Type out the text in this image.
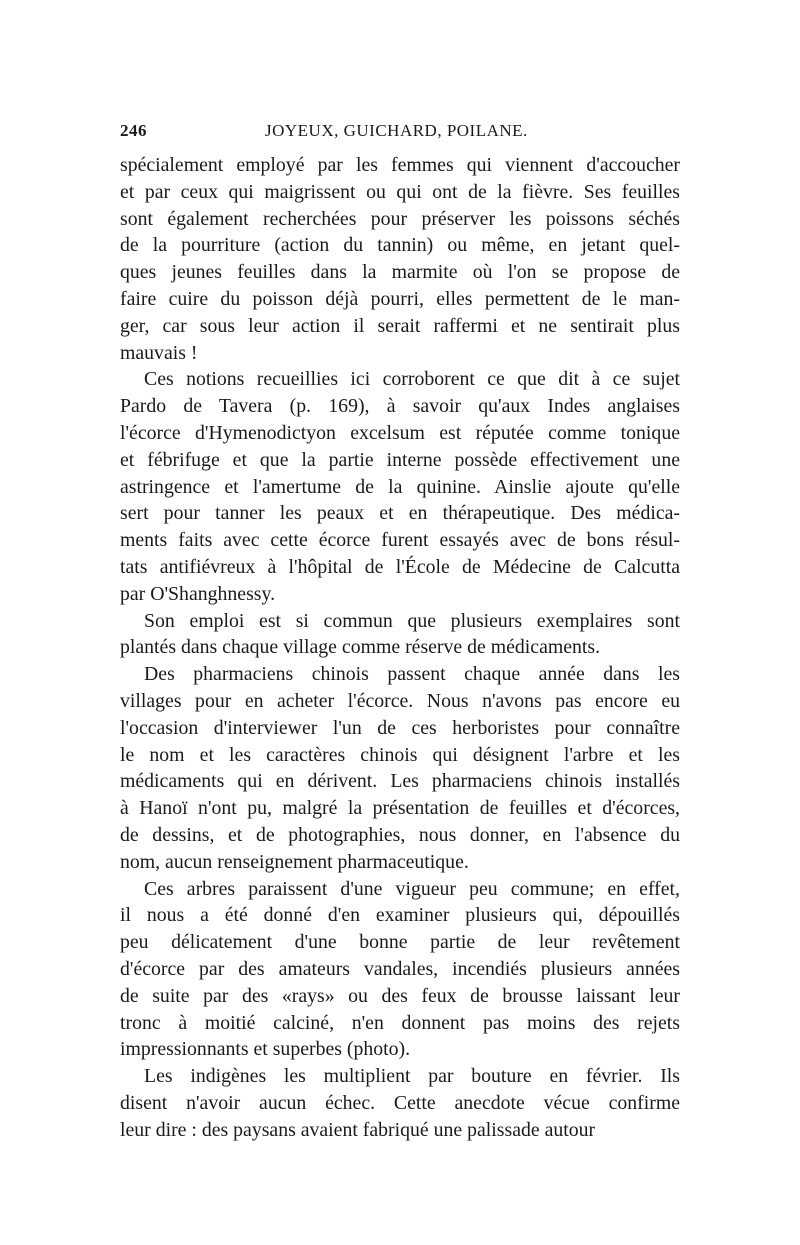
246	JOYEUX, GUICHARD, POILANE.

spécialement employé par les femmes qui viennent d'accoucher
et par ceux qui maigrissent ou qui ont de la fièvre. Ses feuilles
sont également recherchées pour préserver les poissons séchés
de la pourriture (action du tannin) ou même, en jetant quel-
ques jeunes feuilles dans la marmite où l'on se propose de
faire cuire du poisson déjà pourri, elles permettent de le man-
ger, car sous leur action il serait raffermi et ne sentirait plus
mauvais !

Ces notions recueillies ici corroborent ce que dit à ce sujet
Pardo de Tavera (p. 169), à savoir qu'aux Indes anglaises
l'écorce d'Hymenodictyon excelsum est réputée comme tonique
et fébrifuge et que la partie interne possède effectivement une
astringence et l'amertume de la quinine. Ainslie ajoute qu'elle
sert pour tanner les peaux et en thérapeutique. Des médica-
ments faits avec cette écorce furent essayés avec de bons résul-
tats antifiévreux à l'hôpital de l'École de Médecine de Calcutta
par O'Shanghnessy.

Son emploi est si commun que plusieurs exemplaires sont
plantés dans chaque village comme réserve de médicaments.

Des pharmaciens chinois passent chaque année dans les
villages pour en acheter l'écorce. Nous n'avons pas encore eu
l'occasion d'interviewer l'un de ces herboristes pour connaître
le nom et les caractères chinois qui désignent l'arbre et les
médicaments qui en dérivent. Les pharmaciens chinois installés
à Hanoï n'ont pu, malgré la présentation de feuilles et d'écorces,
de dessins, et de photographies, nous donner, en l'absence du
nom, aucun renseignement pharmaceutique.

Ces arbres paraissent d'une vigueur peu commune; en effet,
il nous a été donné d'en examiner plusieurs qui, dépouillés
peu délicatement d'une bonne partie de leur revêtement
d'écorce par des amateurs vandales, incendiés plusieurs années
de suite par des «rays» ou des feux de brousse laissant leur
tronc à moitié calciné, n'en donnent pas moins des rejets
impressionnants et superbes (photo).

Les indigènes les multiplient par bouture en février. Ils
disent n'avoir aucun échec. Cette anecdote vécue confirme
leur dire : des paysans avaient fabriqué une palissade autour
